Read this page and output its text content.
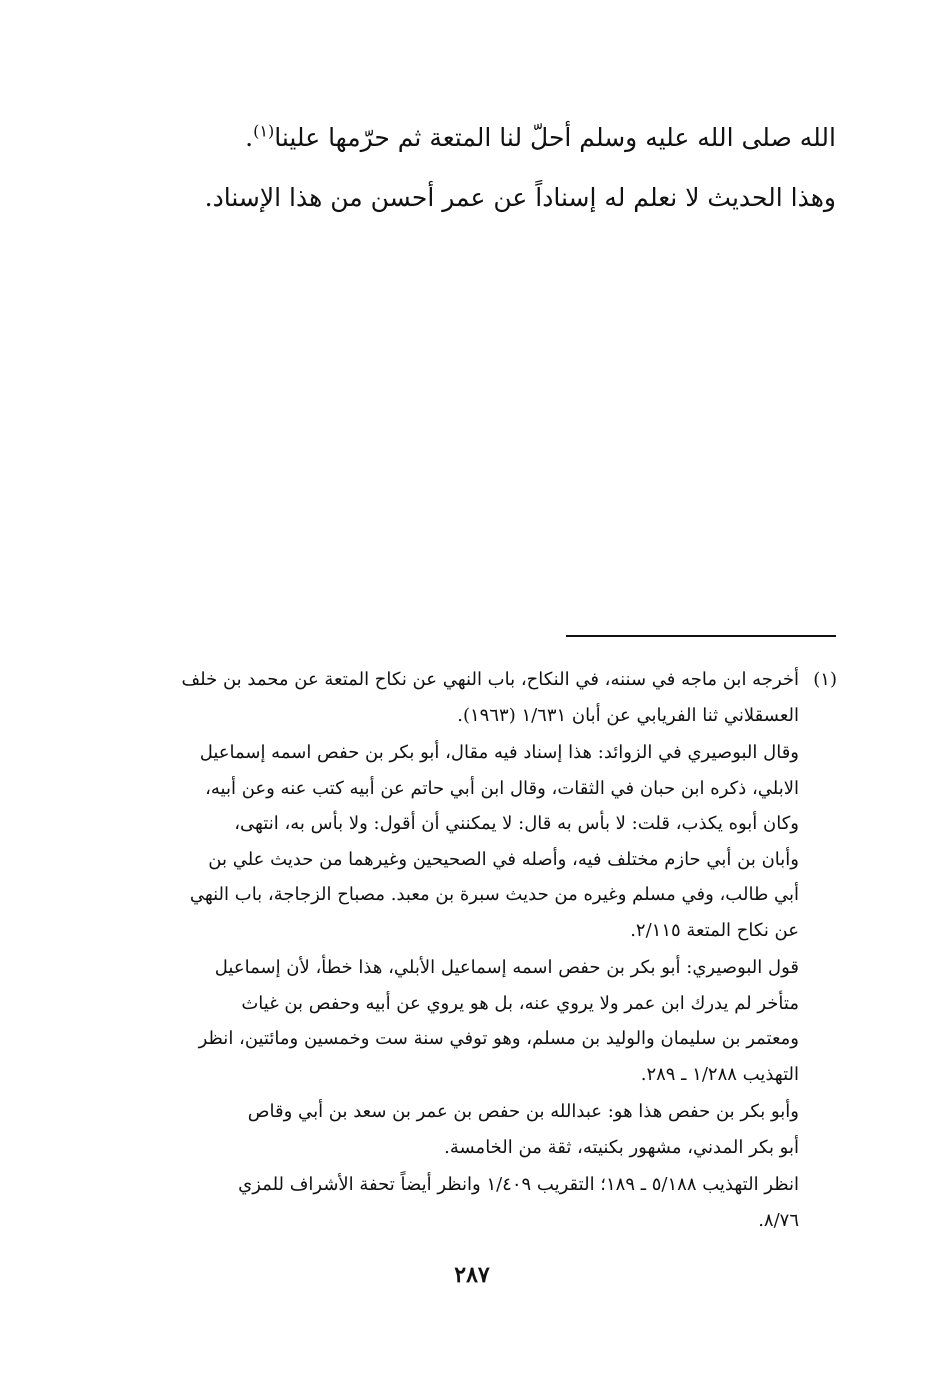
الله صلى الله عليه وسلم أحلّ لنا المتعة ثم حرّمها علينا$^{(١)}$.

وهذا الحديث لا نعلم له إسناداً عن عمر أحسن من هذا الإسناد.

(١)أخرجه ابن ماجه في سننه، في النكاح، باب النهي عن نكاح المتعة عن محمد بن خلف
العسقلاني ثنا الفريابي عن أبان ١/٦٣١ (١٩٦٣).
وقال البوصيري في الزوائد: هذا إسناد فيه مقال، أبو بكر بن حفص اسمه إسماعيل
الابلي، ذكره ابن حبان في الثقات، وقال ابن أبي حاتم عن أبيه كتب عنه وعن أبيه،
وكان أبوه يكذب، قلت: لا بأس به قال: لا يمكنني أن أقول: ولا بأس به، انتهى،
وأبان بن أبي حازم مختلف فيه، وأصله في الصحيحين وغيرهما من حديث علي بن
أبي طالب، وفي مسلم وغيره من حديث سبرة بن معبد. مصباح الزجاجة، باب النهي
عن نكاح المتعة ٢/١١٥.
قول البوصيري: أبو بكر بن حفص اسمه إسماعيل الأبلي، هذا خطأ، لأن إسماعيل
متأخر لم يدرك ابن عمر ولا يروي عنه، بل هو يروي عن أبيه وحفص بن غياث
ومعتمر بن سليمان والوليد بن مسلم، وهو توفي سنة ست وخمسين ومائتين، انظر
التهذيب ١/٢٨٨ ـ ٢٨٩.
وأبو بكر بن حفص هذا هو: عبدالله بن حفص بن عمر بن سعد بن أبي وقاص
أبو بكر المدني، مشهور بكنيته، ثقة من الخامسة.
انظر التهذيب ٥/١٨٨ ـ ١٨٩؛ التقريب ١/٤٠٩ وانظر أيضاً تحفة الأشراف للمزي
٨/٧٦.
٢٨٧
